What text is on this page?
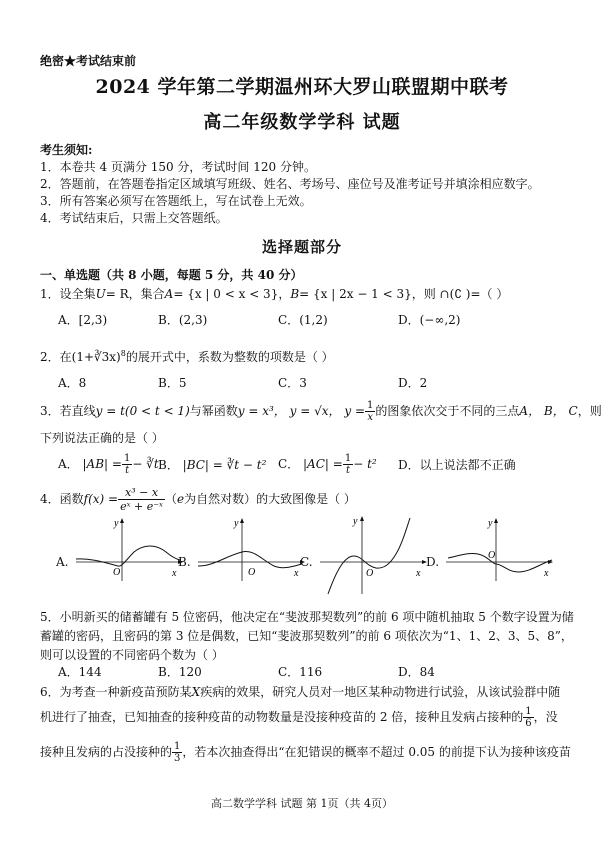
绝密★考试结束前
2024 学年第二学期温州环大罗山联盟期中联考
高二年级数学学科 试题
考生须知:
1．本卷共 4 页满分 150 分，考试时间 120 分钟。
2．答题前，在答题卷指定区域填写班级、姓名、考场号、座位号及准考证号并填涂相应数字。
3．所有答案必须写在答题纸上，写在试卷上无效。
4．考试结束后，只需上交答题纸。
选择题部分
一、单选题（共 8 小题，每题 5 分，共 40 分）
1．设全集U= R，集合A= {x | 0 < x < 3}，B= {x | 2x − 1 < 3}，则 ∩(∁ )=（ ）
A．[2,3)	B．(2,3)	C．(1,2)	D．(−∞,2)
2．在(1+∛3x)$^8$的展开式中，系数为整数的项数是（ ）
A．8	B．5	C．3	D．2
3．若直线y = t(0 < t < 1)与幂函数y = x³， y = √x， $y = \frac{1}{x}$ 的图象依次交于不同的三点A， B， C，则
下列说法正确的是（ ）
A． $|AB| = \frac{1}{t}$ − ∛t B． |BC| = ∛t − t² C． $|AC| = \frac{1}{t} - t^2$ D．以上说法都不正确
4．函数$f(x) = \frac{\text{x³ − x}}{\text{eˣ + e⁻ˣ}} (e$为自然对数）的大致图像是（ ）
A.
y
x
O
B.
y
x
O
C.
y
x
O
D.
y
x
O
5．小明新买的储蓄罐有 5 位密码，他决定在“斐波那契数列”的前 6 项中随机抽取 5 个数字设置为储
蓄罐的密码，且密码的第 3 位是偶数，已知“斐波那契数列”的前 6 项依次为“1、1、2、3、5、8”，
则可以设置的不同密码个数为（ ）
A．144	B．120	C．116	D．84
6．为考查一种新疫苗预防某X疾病的效果，研究人员对一地区某种动物进行试验，从该试验群中随
机进行了抽查，已知抽查的接种疫苗的动物数量是没接种疫苗的 2 倍，接种且发病占接种的 $\frac{1}{6}$ ，没
接种且发病的占没接种的 $\frac{1}{3}$ ，若本次抽查得出“在犯错误的概率不超过 0.05 的前提下认为接种该疫苗
高二数学学科 试题 第 1页（共 4页）
